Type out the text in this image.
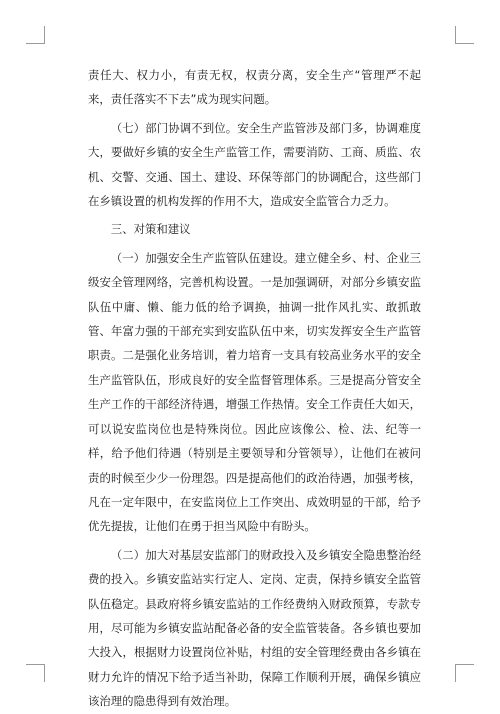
责任大、权力小，有责无权，权责分离，安全生产“管理严不起来，责任落实不下去”成为现实问题。

（七）部门协调不到位。安全生产监管涉及部门多，协调难度大，要做好乡镇的安全生产监管工作，需要消防、工商、质监、农机、交警、交通、国土、建设、环保等部门的协调配合，这些部门在乡镇设置的机构发挥的作用不大，造成安全监管合力乏力。

三、对策和建议

（一）加强安全生产监管队伍建设。建立健全乡、村、企业三级安全管理网络，完善机构设置。一是加强调研，对部分乡镇安监队伍中庸、懒、能力低的给予调换，抽调一批作风扎实、敢抓敢管、年富力强的干部充实到安监队伍中来，切实发挥安全生产监管职责。二是强化业务培训，着力培育一支具有较高业务水平的安全生产监管队伍，形成良好的安全监督管理体系。三是提高分管安全生产工作的干部经济待遇，增强工作热情。安全工作责任大如天，可以说安监岗位也是特殊岗位。因此应该像公、检、法、纪等一样，给予他们待遇（特别是主要领导和分管领导），让他们在被问责的时候至少少一份理怨。四是提高他们的政治待遇，加强考核，凡在一定年限中，在安监岗位上工作突出、成效明显的干部，给予优先提拔，让他们在勇于担当风险中有盼头。

（二）加大对基层安监部门的财政投入及乡镇安全隐患整治经费的投入。乡镇安监站实行定人、定岗、定责，保持乡镇安全监管队伍稳定。县政府将乡镇安监站的工作经费纳入财政预算，专款专用，尽可能为乡镇安监站配备必备的安全监管装备。各乡镇也要加大投入，根据财力设置岗位补贴，村组的安全管理经费由各乡镇在财力允许的情况下给予适当补助，保障工作顺利开展，确保乡镇应该治理的隐患得到有效治理。
